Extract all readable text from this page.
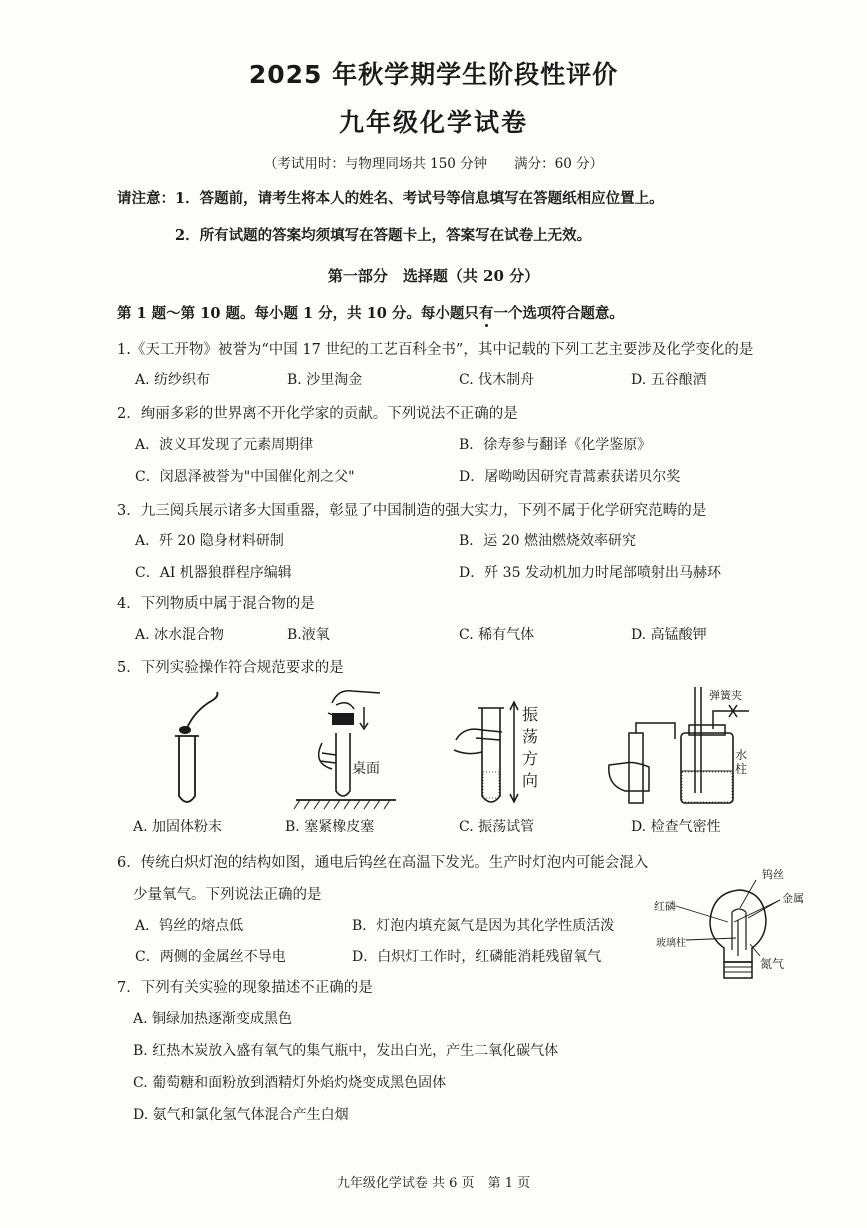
2025 年秋学期学生阶段性评价
九年级化学试卷
（考试用时：与物理同场共 150 分钟　　满分：60 分）
请注意：1．答题前，请考生将本人的姓名、考试号等信息填写在答题纸相应位置上。
2．所有试题的答案均须填写在答题卡上，答案写在试卷上无效。
第一部分　选择题（共 20 分）
第 1 题～第 10 题。每小题 1 分，共 10 分。每小题只有一个选项符合题意。
1.《天工开物》被誉为“中国 17 世纪的工艺百科全书”，其中记载的下列工艺主要涉及化学变化的是
A. 纺纱织布	B. 沙里淘金	C. 伐木制舟	D. 五谷酿酒
2．绚丽多彩的世界离不开化学家的贡献。下列说法不正确的是
A．波义耳发现了元素周期律	B．徐寿参与翻译《化学鉴原》
C．闵恩泽被誉为"中国催化剂之父"	D．屠呦呦因研究青蒿素获诺贝尔奖
3．九三阅兵展示诸多大国重器，彰显了中国制造的强大实力，下列不属于化学研究范畴的是
A．歼 20 隐身材料研制	B．运 20 燃油燃烧效率研究
C．AI 机器狼群程序编辑	D．歼 35 发动机加力时尾部喷射出马赫环
4．下列物质中属于混合物的是
A. 冰水混合物	B.液氧	C. 稀有气体	D. 高锰酸钾
5．下列实验操作符合规范要求的是
桌面
振
荡
方
向
弹簧夹
水
柱
A. 加固体粉末	B. 塞紧橡皮塞	C. 振荡试管	D. 检查气密性
6．传统白炽灯泡的结构如图，通电后钨丝在高温下发光。生产时灯泡内可能会混入
少量氧气。下列说法正确的是
A．钨丝的熔点低	B．灯泡内填充氮气是因为其化学性质活泼
C．两侧的金属丝不导电	D．白炽灯工作时，红磷能消耗残留氧气
钨丝
金属
红磷
玻璃柱
氮气
7．下列有关实验的现象描述不正确的是
A. 铜绿加热逐渐变成黑色
B. 红热木炭放入盛有氧气的集气瓶中，发出白光，产生二氧化碳气体
C. 葡萄糖和面粉放到酒精灯外焰灼烧变成黑色固体
D. 氨气和氯化氢气体混合产生白烟
九年级化学试卷 共 6 页　第 1 页
